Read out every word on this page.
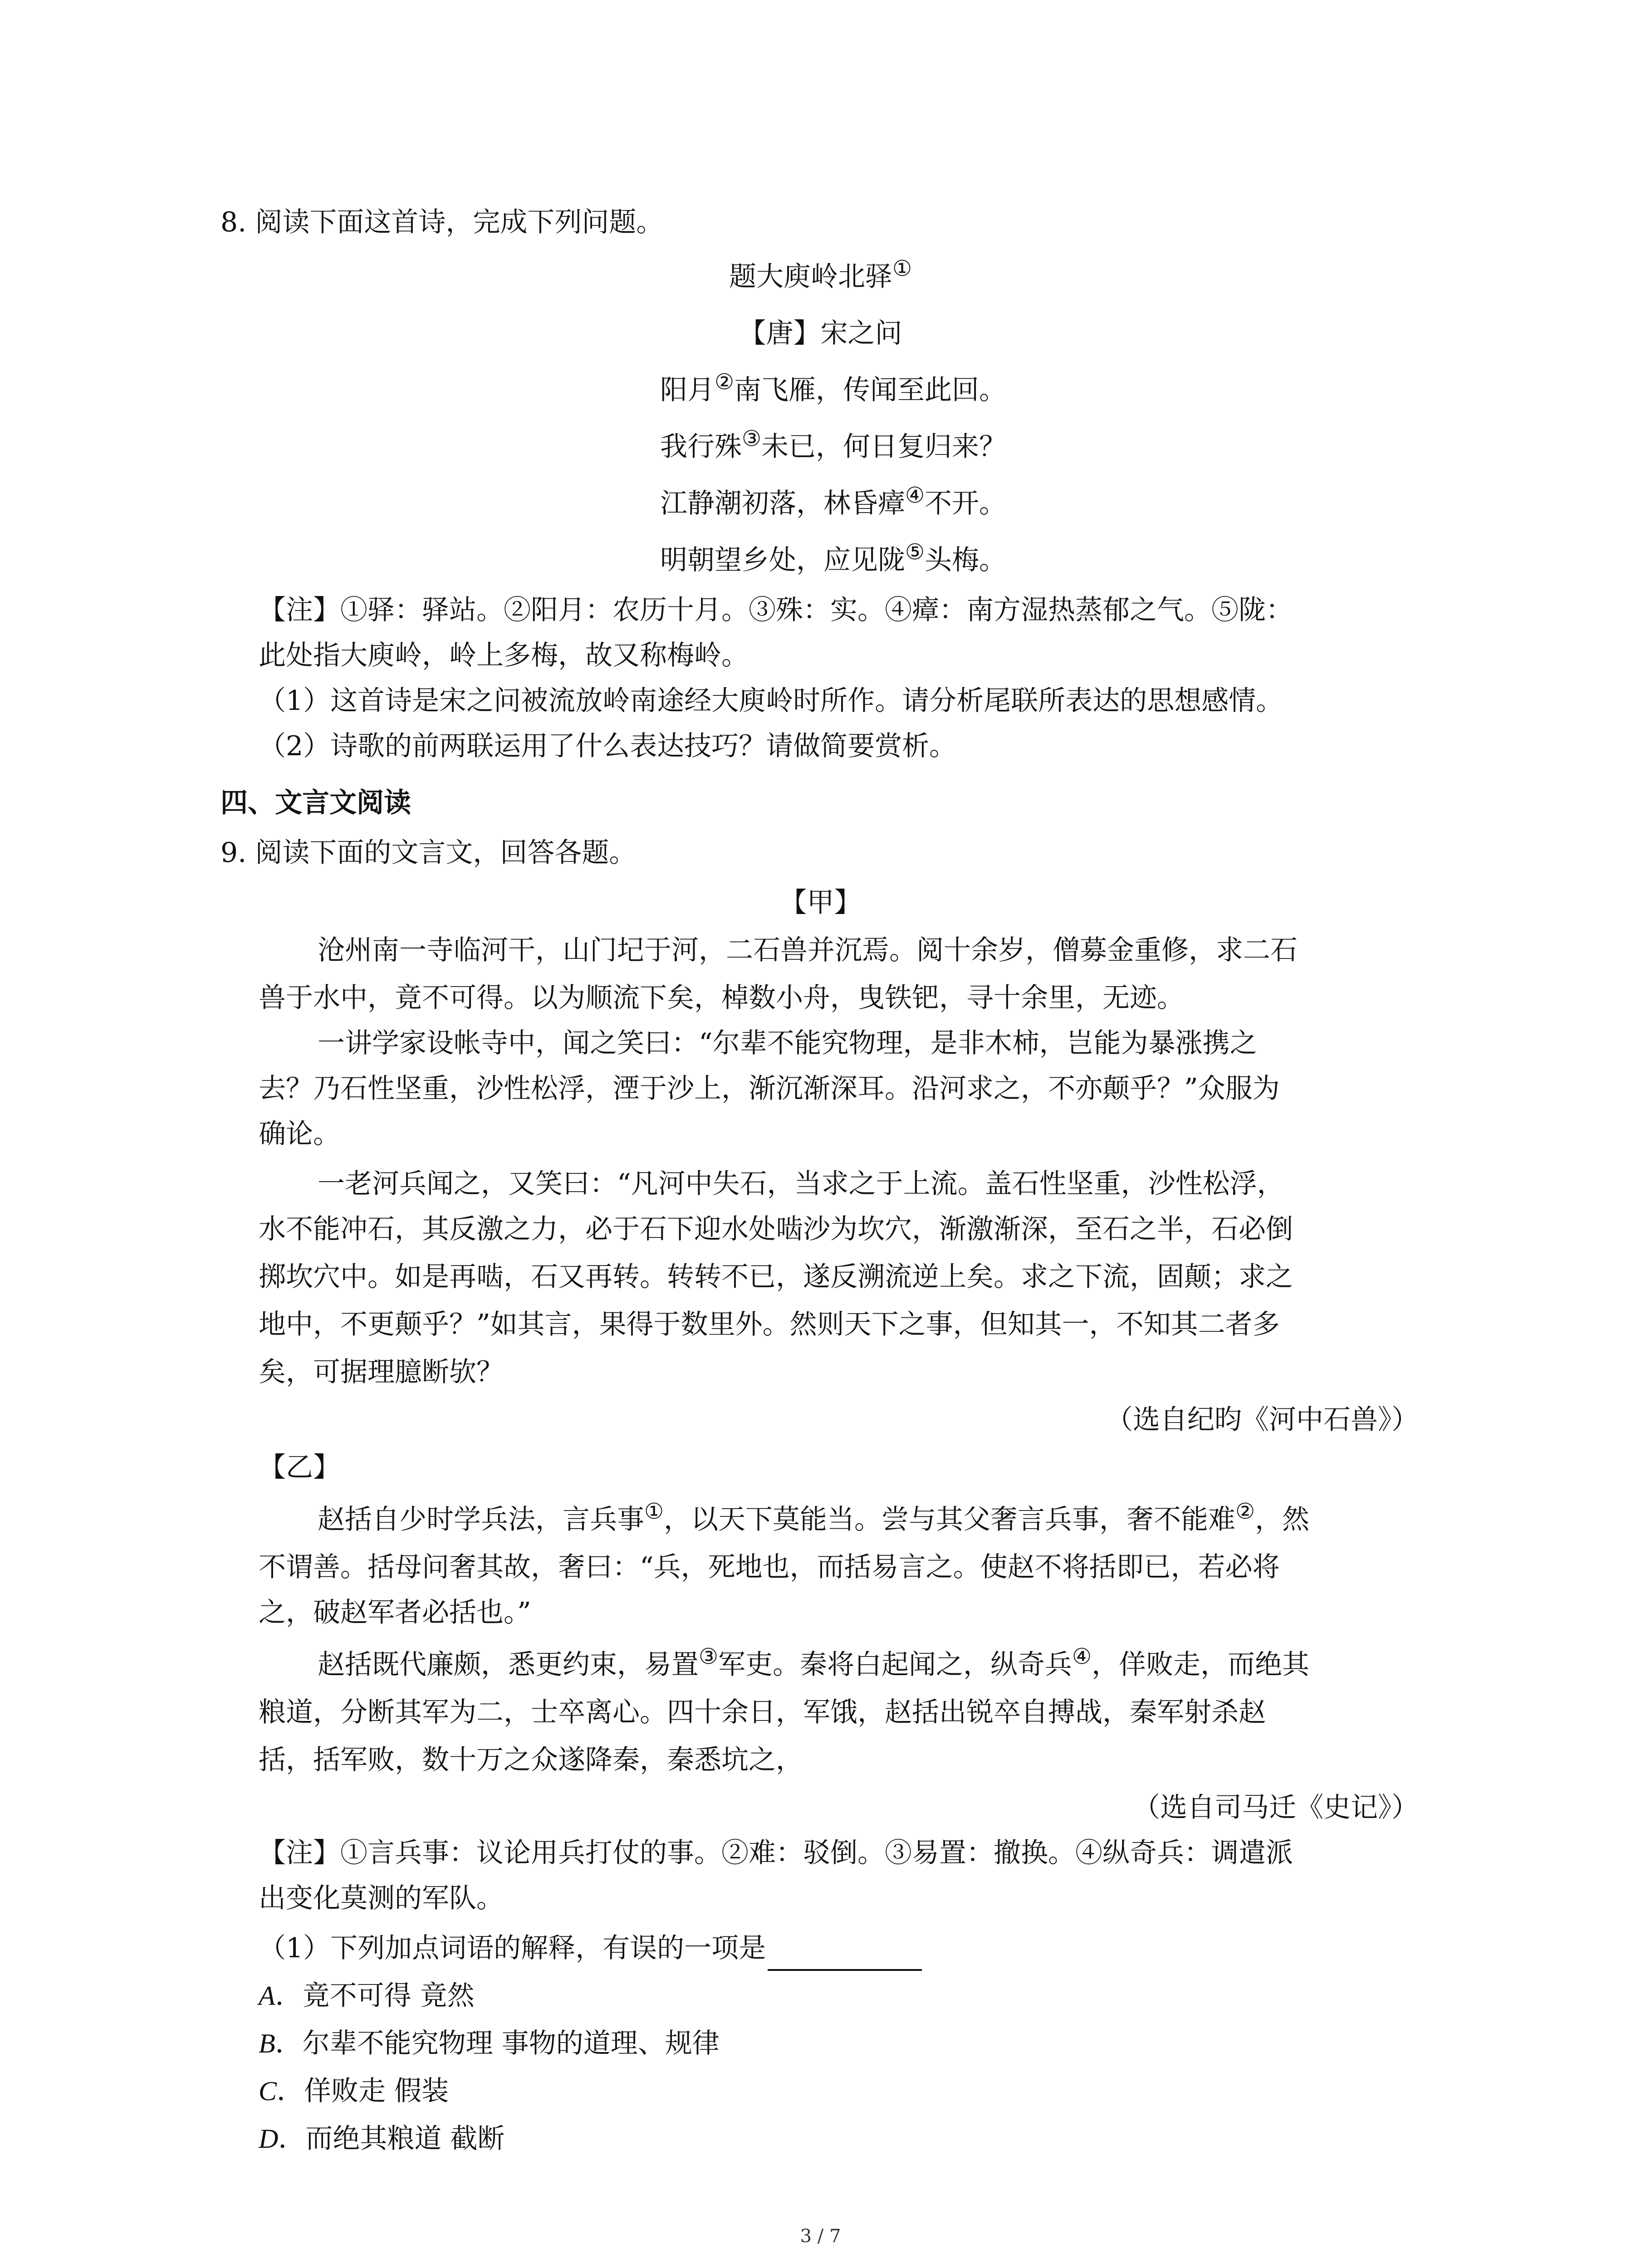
8. 阅读下面这首诗，完成下列问题。
题大庾岭北驿①
【唐】宋之问
阳月②南飞雁，传闻至此回。
我行殊③未已，何日复归来？
江静潮初落，林昏瘴④不开。
明朝望乡处，应见陇⑤头梅。
【注】①驿：驿站。②阳月：农历十月。③殊：实。④瘴：南方湿热蒸郁之气。⑤陇：
此处指大庾岭，岭上多梅，故又称梅岭。
（1）这首诗是宋之问被流放岭南途经大庾岭时所作。请分析尾联所表达的思想感情。
（2）诗歌的前两联运用了什么表达技巧？请做简要赏析。
四、文言文阅读
9. 阅读下面的文言文，回答各题。
【甲】
沧州南一寺临河干，山门圮于河，二石兽并沉焉。阅十余岁，僧募金重修，求二石
兽于水中，竟不可得。以为顺流下矣，棹数小舟，曳铁钯，寻十余里，无迹。
一讲学家设帐寺中，闻之笑曰：“尔辈不能究物理，是非木柿，岂能为暴涨携之
去？乃石性坚重，沙性松浮，湮于沙上，渐沉渐深耳。沿河求之，不亦颠乎？”众服为
确论。
一老河兵闻之，又笑曰：“凡河中失石，当求之于上流。盖石性坚重，沙性松浮，
水不能冲石，其反激之力，必于石下迎水处啮沙为坎穴，渐激渐深，至石之半，石必倒
掷坎穴中。如是再啮，石又再转。转转不已，遂反溯流逆上矣。求之下流，固颠；求之
地中，不更颠乎？”如其言，果得于数里外。然则天下之事，但知其一，不知其二者多
矣，可据理臆断欤？
（选自纪昀《河中石兽》）
【乙】
赵括自少时学兵法，言兵事①，以天下莫能当。尝与其父奢言兵事，奢不能难②，然
不谓善。括母问奢其故，奢曰：“兵，死地也，而括易言之。使赵不将括即已，若必将
之，破赵军者必括也。”
赵括既代廉颇，悉更约束，易置③军吏。秦将白起闻之，纵奇兵④，佯败走，而绝其
粮道，分断其军为二，士卒离心。四十余日，军饿，赵括出锐卒自搏战，秦军射杀赵
括，括军败，数十万之众遂降秦，秦悉坑之，
（选自司马迁《史记》）
【注】①言兵事：议论用兵打仗的事。②难：驳倒。③易置：撤换。④纵奇兵：调遣派
出变化莫测的军队。
（1）下列加点词语的解释，有误的一项是
A．竟不可得 竟然
B．尔辈不能究物理 事物的道理、规律
C．佯败走 假装
D．而绝其粮道 截断
3 / 7
